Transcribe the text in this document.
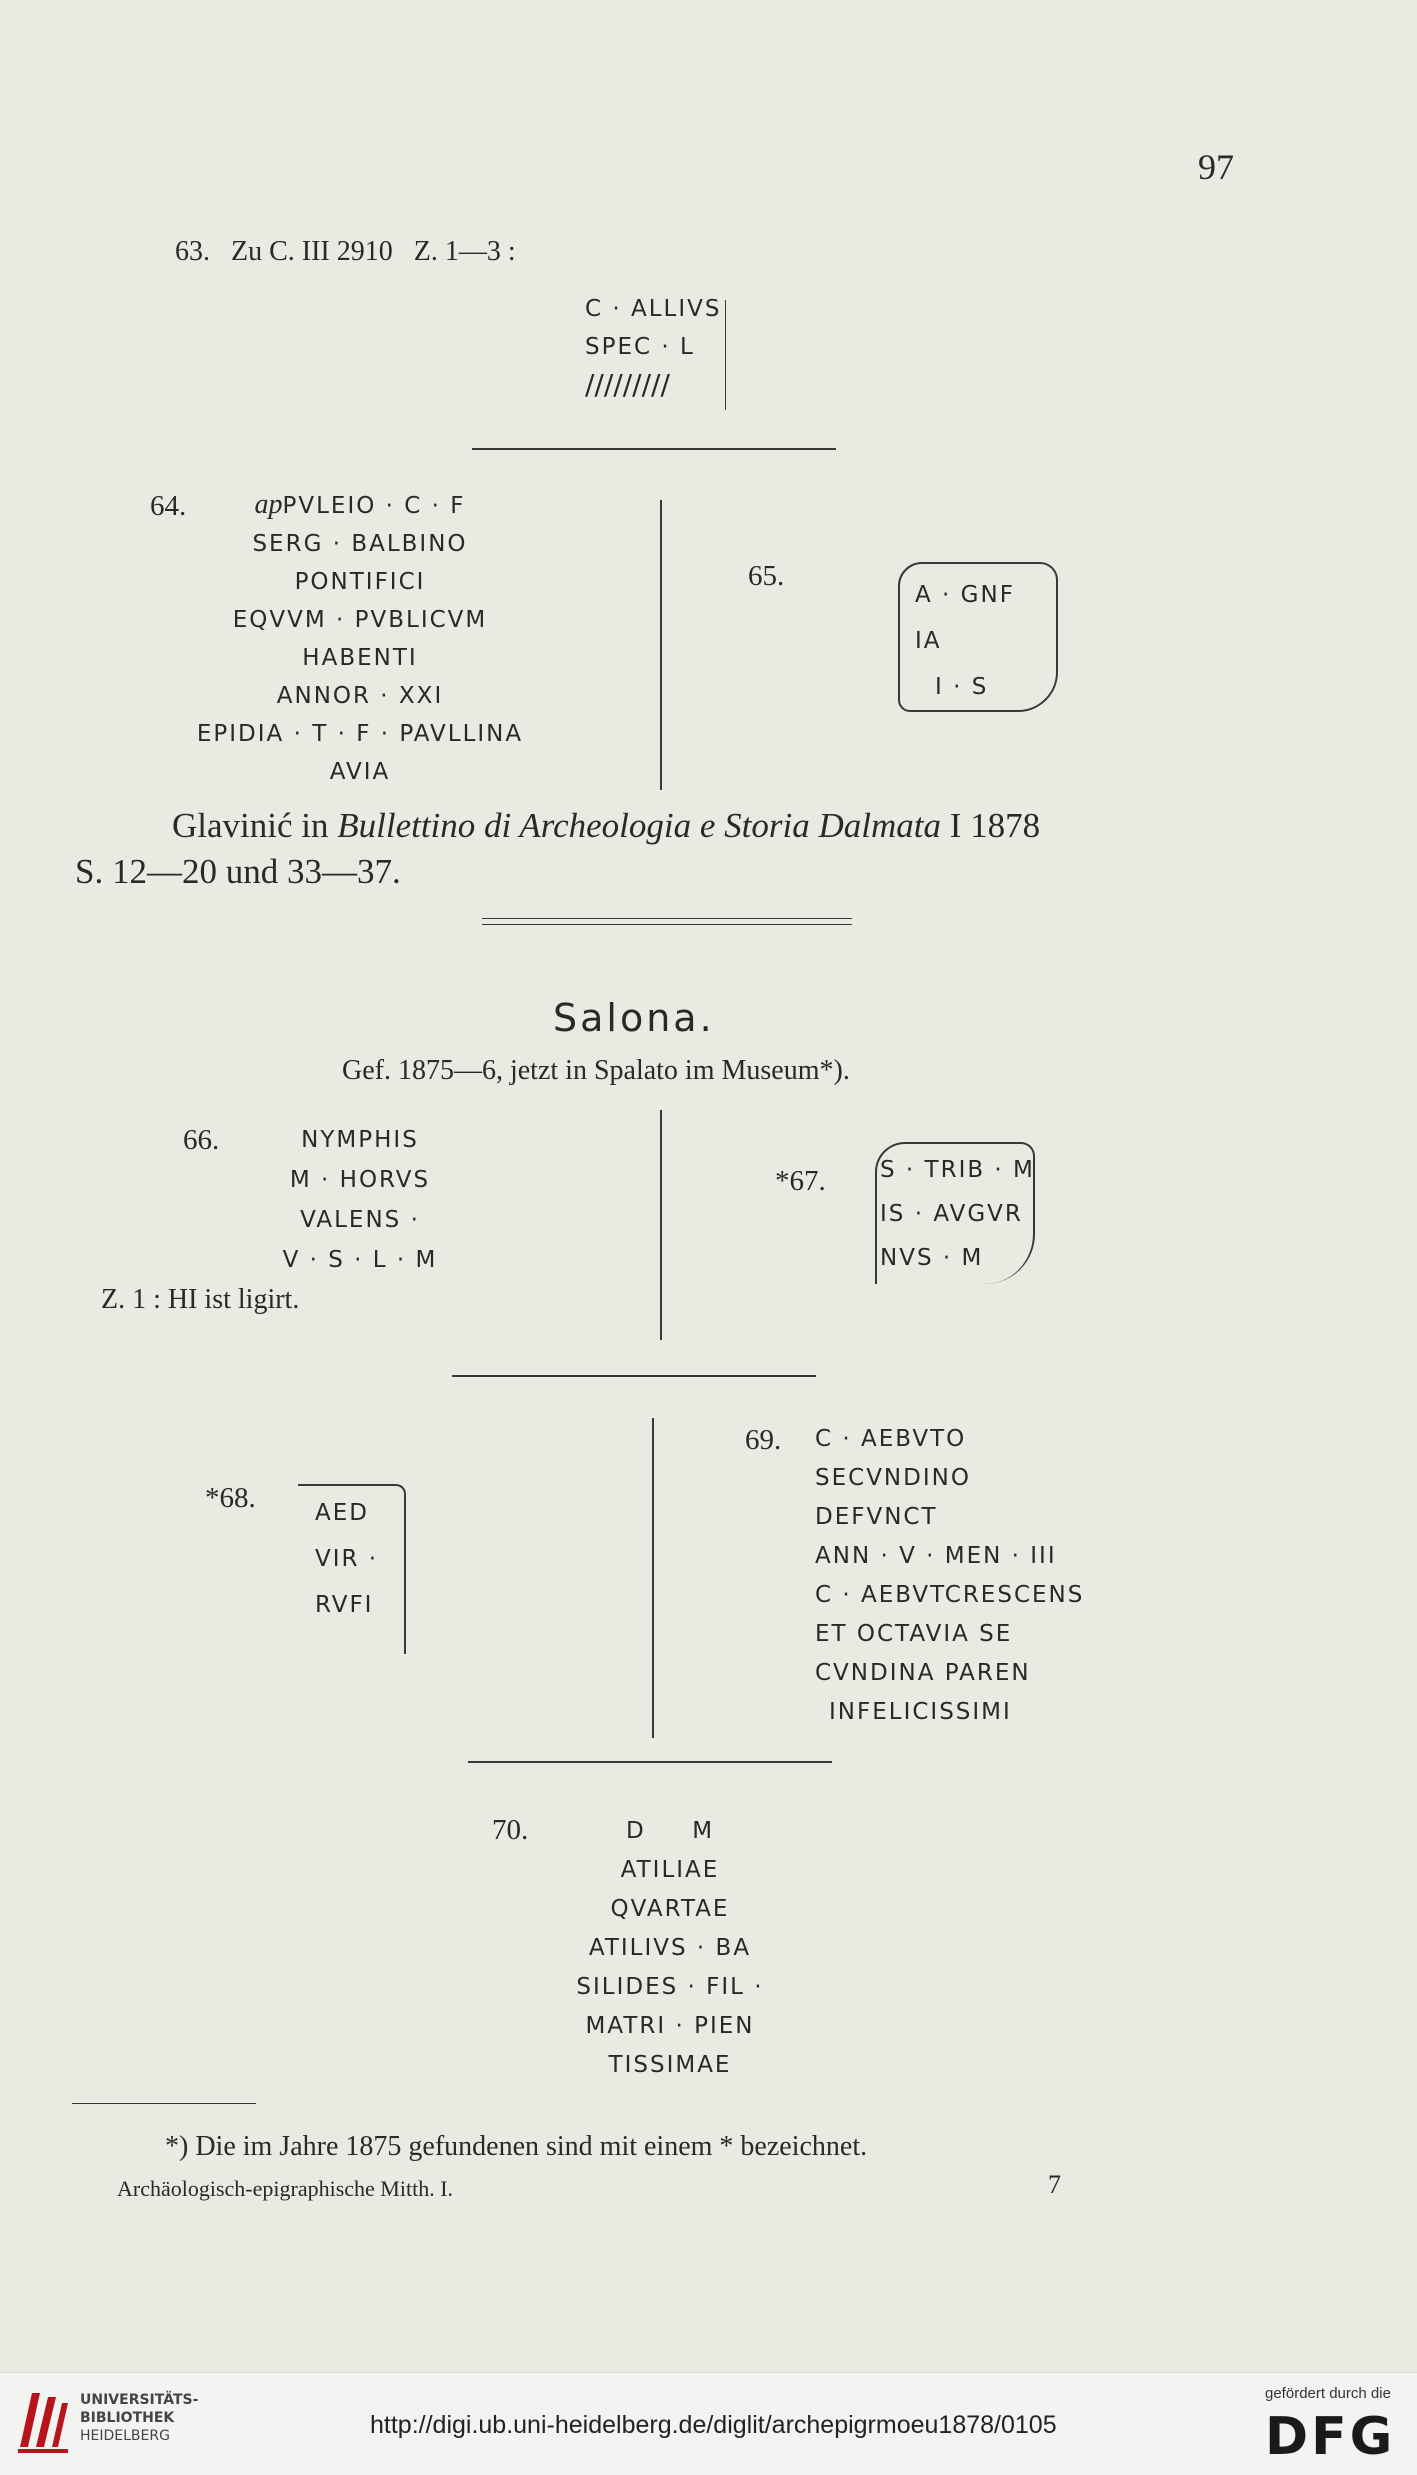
97
63.   Zu C. III 2910   Z. 1—3 :
C · ALLIVS
SPEC · L
/////////
64.	apPVLEIO · C · F
SERG · BALBINO
PONTIFICI
EQVVM · PVBLICVM
HABENTI
ANNOR · XXI
EPIDIA · T · F · PAVLLINA
AVIA
65.
A · GNF
IA
I · S
Glavinić in Bullettino di Archeologia e Storia Dalmata I 1878
S. 12—20 und 33—37.
Salona.
Gef. 1875—6, jetzt in Spalato im Museum*).
66.	NYMPHIS
M · HORVS
VALENS ·
V · S · L · M
Z. 1 : HI ist ligirt.
*67. S · TRIB · M
IS · AVGVR
NVS · M
*68.	AED
VIR ·
RVFI
69. C · AEBVTO
SECVNDINO
DEFVNCT
ANN · V · MEN · III
C · AEBVTCRESCENS
ET OCTAVIA SE
CVNDINA PAREN
INFELICISSIMI
70.	D     M
ATILIAE
QVARTAE
ATILIVS · BA
SILIDES · FIL ·
MATRI · PIEN
TISSIMAE
*) Die im Jahre 1875 gefundenen sind mit einem * bezeichnet.
Archäologisch-epigraphische Mitth. I.	7
UNIVERSITÄTS-
BIBLIOTHEK
HEIDELBERG	http://digi.ub.uni-heidelberg.de/diglit/archepigrmoeu1878/0105
gefördert durch die
DFG
